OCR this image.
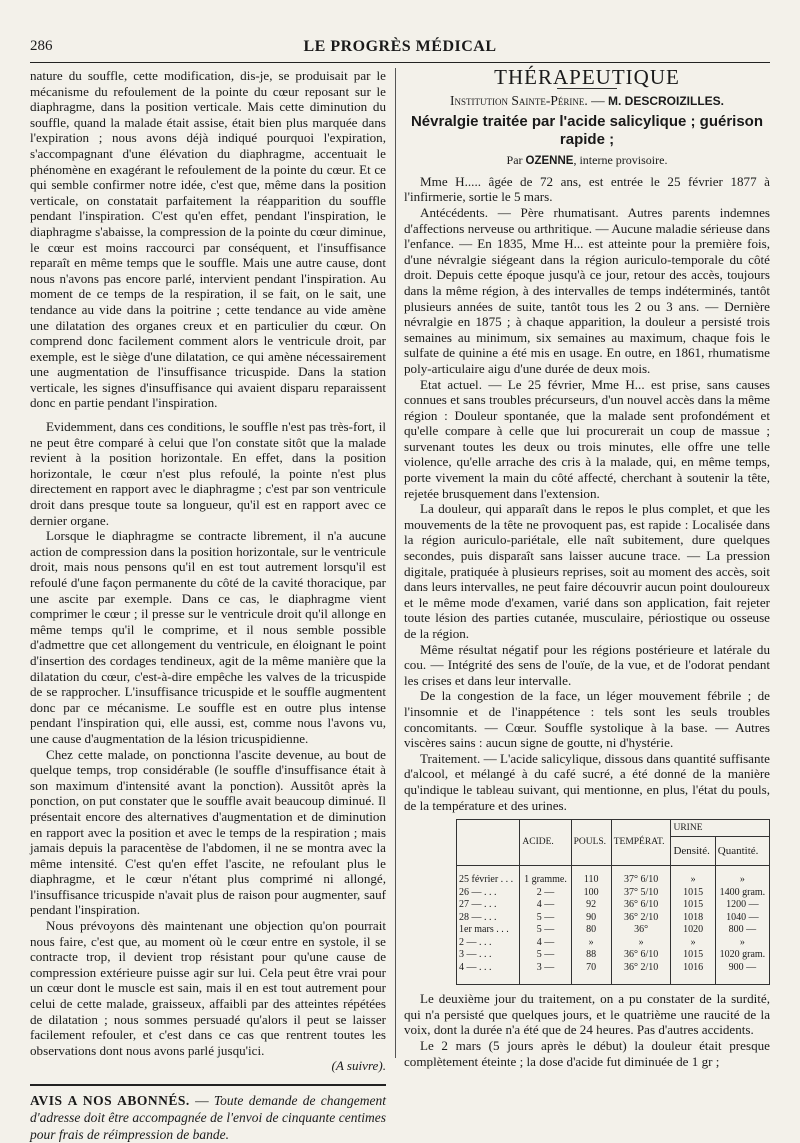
286	LE PROGRÈS MÉDICAL

nature du souffle, cette modification, dis-je, se produisait par le mécanisme du refoulement de la pointe du cœur reposant sur le diaphragme, dans la position verticale. Mais cette diminution du souffle, quand la malade était assise, était bien plus marquée dans l'expiration ; nous avons déjà indiqué pourquoi l'expiration, s'accompagnant d'une élévation du diaphragme, accentuait le phénomène en exagérant le refoulement de la pointe du cœur. Et ce qui semble confirmer notre idée, c'est que, même dans la position verticale, on constatait parfaitement la réapparition du souffle pendant l'inspiration. C'est qu'en effet, pendant l'inspiration, le diaphragme s'abaisse, la compression de la pointe du cœur diminue, le cœur est moins raccourci par conséquent, et l'insuffisance reparaît en même temps que le souffle. Mais une autre cause, dont nous n'avons pas encore parlé, intervient pendant l'inspiration. Au moment de ce temps de la respiration, il se fait, on le sait, une tendance au vide dans la poitrine ; cette tendance au vide amène une dilatation des organes creux et en particulier du cœur. On comprend donc facilement comment alors le ventricule droit, par exemple, est le siège d'une dilatation, ce qui amène nécessairement une augmentation de l'insuffisance tricuspide. Dans la station verticale, les signes d'insuffisance qui avaient disparu reparaissent donc en partie pendant l'inspiration.

Evidemment, dans ces conditions, le souffle n'est pas très-fort, il ne peut être comparé à celui que l'on constate sitôt que la malade revient à la position horizontale. En effet, dans la position horizontale, le cœur n'est plus refoulé, la pointe n'est plus directement en rapport avec le diaphragme ; c'est par son ventricule droit dans presque toute sa longueur, qu'il est en rapport avec ce dernier organe.

Lorsque le diaphragme se contracte librement, il n'a aucune action de compression dans la position horizontale, sur le ventricule droit, mais nous pensons qu'il en est tout autrement lorsqu'il est refoulé d'une façon permanente du côté de la cavité thoracique, par une ascite par exemple. Dans ce cas, le diaphragme vient comprimer le cœur ; il presse sur le ventricule droit qu'il allonge en même temps qu'il le comprime, et il nous semble possible d'admettre que cet allongement du ventricule, en éloignant le point d'insertion des cordages tendineux, agit de la même manière que la dilatation du cœur, c'est-à-dire empêche les valves de la tricuspide de se rapprocher. L'insuffisance tricuspide et le souffle augmentent donc par ce mécanisme. Le souffle est en outre plus intense pendant l'inspiration qui, elle aussi, est, comme nous l'avons vu, une cause d'augmentation de la lésion tricuspidienne.

Chez cette malade, on ponctionna l'ascite devenue, au bout de quelque temps, trop considérable (le souffle d'insuffisance était à son maximum d'intensité avant la ponction). Aussitôt après la ponction, on put constater que le souffle avait beaucoup diminué. Il présentait encore des alternatives d'augmentation et de diminution en rapport avec la position et avec le temps de la respiration ; mais jamais depuis la paracentèse de l'abdomen, il ne se montra avec la même intensité. C'est qu'en effet l'ascite, ne refoulant plus le diaphragme, et le cœur n'étant plus comprimé ni allongé, l'insuffisance tricuspide n'avait plus de raison pour augmenter, sauf pendant l'inspiration.

Nous prévoyons dès maintenant une objection qu'on pourrait nous faire, c'est que, au moment où le cœur entre en systole, il se contracte trop, il devient trop résistant pour qu'une cause de compression extérieure puisse agir sur lui. Cela peut être vrai pour un cœur dont le muscle est sain, mais il en est tout autrement pour celui de cette malade, graisseux, affaibli par des atteintes répétées de dilatation ; nous sommes persuadé qu'alors il peut se laisser facilement refouler, et c'est dans ce cas que rentrent toutes les observations dont nous avons parlé jusqu'ici.

(A suivre).
AVIS A NOS ABONNÉS. — Toute demande de changement d'adresse doit être accompagnée de l'envoi de cinquante centimes pour frais de réimpression de bande.
THÉRAPEUTIQUE
Institution Sainte-Périne. — M. DESCROIZILLES.
Névralgie traitée par l'acide salicylique ; guérison rapide ;
Par OZENNE, interne provisoire.

Mme H..... âgée de 72 ans, est entrée le 25 février 1877 à l'infirmerie, sortie le 5 mars.

Antécédents. — Père rhumatisant. Autres parents indemnes d'affections nerveuse ou arthritique. — Aucune maladie sérieuse dans l'enfance. — En 1835, Mme H... est atteinte pour la première fois, d'une névralgie siégeant dans la région auriculo-temporale du côté droit. Depuis cette époque jusqu'à ce jour, retour des accès, toujours dans la même région, à des intervalles de temps indéterminés, tantôt plusieurs années de suite, tantôt tous les 2 ou 3 ans. — Dernière névralgie en 1875 ; à chaque apparition, la douleur a persisté trois semaines au minimum, six semaines au maximum, chaque fois le sulfate de quinine a été mis en usage. En outre, en 1861, rhumatisme poly-articulaire aigu d'une durée de deux mois.

Etat actuel. — Le 25 février, Mme H... est prise, sans causes connues et sans troubles précurseurs, d'un nouvel accès dans la même région : Douleur spontanée, que la malade sent profondément et qu'elle compare à celle que lui procurerait un coup de massue ; survenant toutes les deux ou trois minutes, elle offre une telle violence, qu'elle arrache des cris à la malade, qui, en même temps, porte vivement la main du côté affecté, cherchant à soutenir la tête, rejetée brusquement dans l'extension.

La douleur, qui apparaît dans le repos le plus complet, et que les mouvements de la tête ne provoquent pas, est rapide : Localisée dans la région auriculo-pariétale, elle naît subitement, dure quelques secondes, puis disparaît sans laisser aucune trace. — La pression digitale, pratiquée à plusieurs reprises, soit au moment des accès, soit dans leurs intervalles, ne peut faire découvrir aucun point douloureux et le même mode d'examen, varié dans son application, fait rejeter toute lésion des parties cutanée, musculaire, périostique ou osseuse de la région.

Même résultat négatif pour les régions postérieure et latérale du cou. — Intégrité des sens de l'ouïe, de la vue, et de l'odorat pendant les crises et dans leur intervalle.

De la congestion de la face, un léger mouvement fébrile ; de l'insomnie et de l'inappétence : tels sont les seuls troubles concomitants. — Cœur. Souffle systolique à la base. — Autres viscères sains : aucun signe de goutte, ni d'hystérie.

Traitement. — L'acide salicylique, dissous dans quantité suffisante d'alcool, et mélangé à du café sucré, a été donné de la manière qu'indique le tableau suivant, qui mentionne, en plus, l'état du pouls, de la température et des urines.

	ACIDE.	POULS.	TEMPÉRAT.	URINE	
				Densité.	Quantité.
25 février . . .	1 gramme.	110	37° 6/10	»	»
26 — . . .	2 —	100	37° 5/10	1015	1400 gram.
27 — . . .	4 —	92	36° 6/10	1015	1200 —
28 — . . .	5 —	90	36° 2/10	1018	1040 —
1er mars . . .	5 —	80	36°	1020	800 —
2 — . . .	4 —	»	»	»	»
3 — . . .	5 —	88	36° 6/10	1015	1020 gram.
4 — . . .	3 —	70	36° 2/10	1016	900 —

Le deuxième jour du traitement, on a pu constater de la surdité, qui n'a persisté que quelques jours, et le quatrième une raucité de la voix, dont la durée n'a été que de 24 heures. Pas d'autres accidents.

Le 2 mars (5 jours après le début) la douleur était presque complètement éteinte ; la dose d'acide fut diminuée de 1 gr ;
